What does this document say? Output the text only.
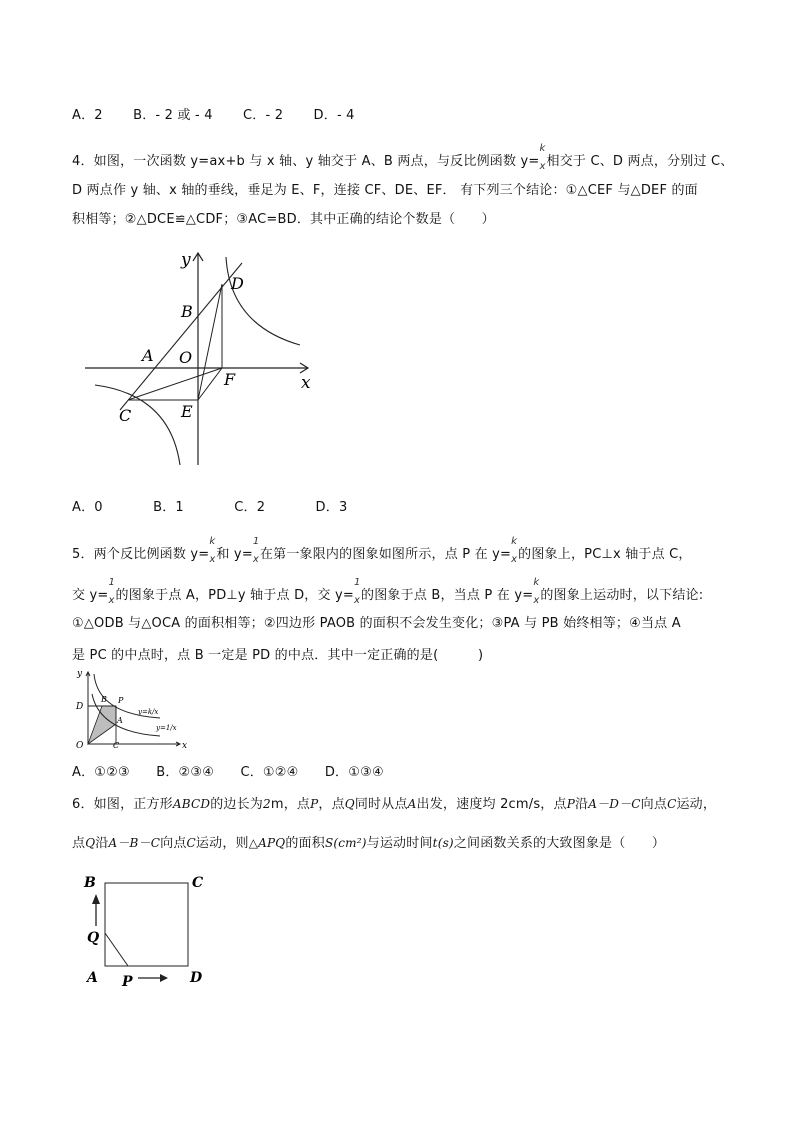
A．2 B．- 2 或 - 4 C．- 2 D．- 4
4．如图，一次函数 y=ax+b 与 x 轴、y 轴交于 A、B 两点，与反比例函数 y=
k
x 相交于 C、D 两点，分别过 C、
D 两点作 y 轴、x 轴的垂线，垂足为 E、F，连接 CF、DE、EF． 有下列三个结论：①△CEF 与△DEF 的面
积相等；②△DCE≌△CDF；③AC=BD．其中正确的结论个数是（　　）
y
x
B
D
A O
F
C	E
A．0	B．1	C．2	D．3
5．两个反比例函数 y=
k
x 和 y=
1
x 在第一象限内的图象如图所示，点 P 在 y=
k
x 的图象上，PC⊥x 轴于点 C，
交 y=
1
x 的图象于点 A，PD⊥y 轴于点 D，交 y=
1
x 的图象于点 B，当点 P 在 y=
k
x 的图象上运动时，以下结论:
①△ODB 与△OCA 的面积相等；②四边形 PAOB 的面积不会发生变化；③PA 与 PB 始终相等；④当点 A
是 PC 的中点时，点 B 一定是 PD 的中点．其中一定正确的是(　　　)
y
x
D
B P
A
O	C
y=k/x
y=1/x
A．①②③ B．②③④ C．①②④ D．①③④
6．如图，正方形ABCD的边长为2m，点P，点Q同时从点A出发，速度均 2cm/s，点P沿A－D－C向点C运动，
点Q沿A－B－C向点C运动，则△APQ的面积S(cm²)与运动时间t(s)之间函数关系的大致图象是（　　）
B	C
Q
A P	D
